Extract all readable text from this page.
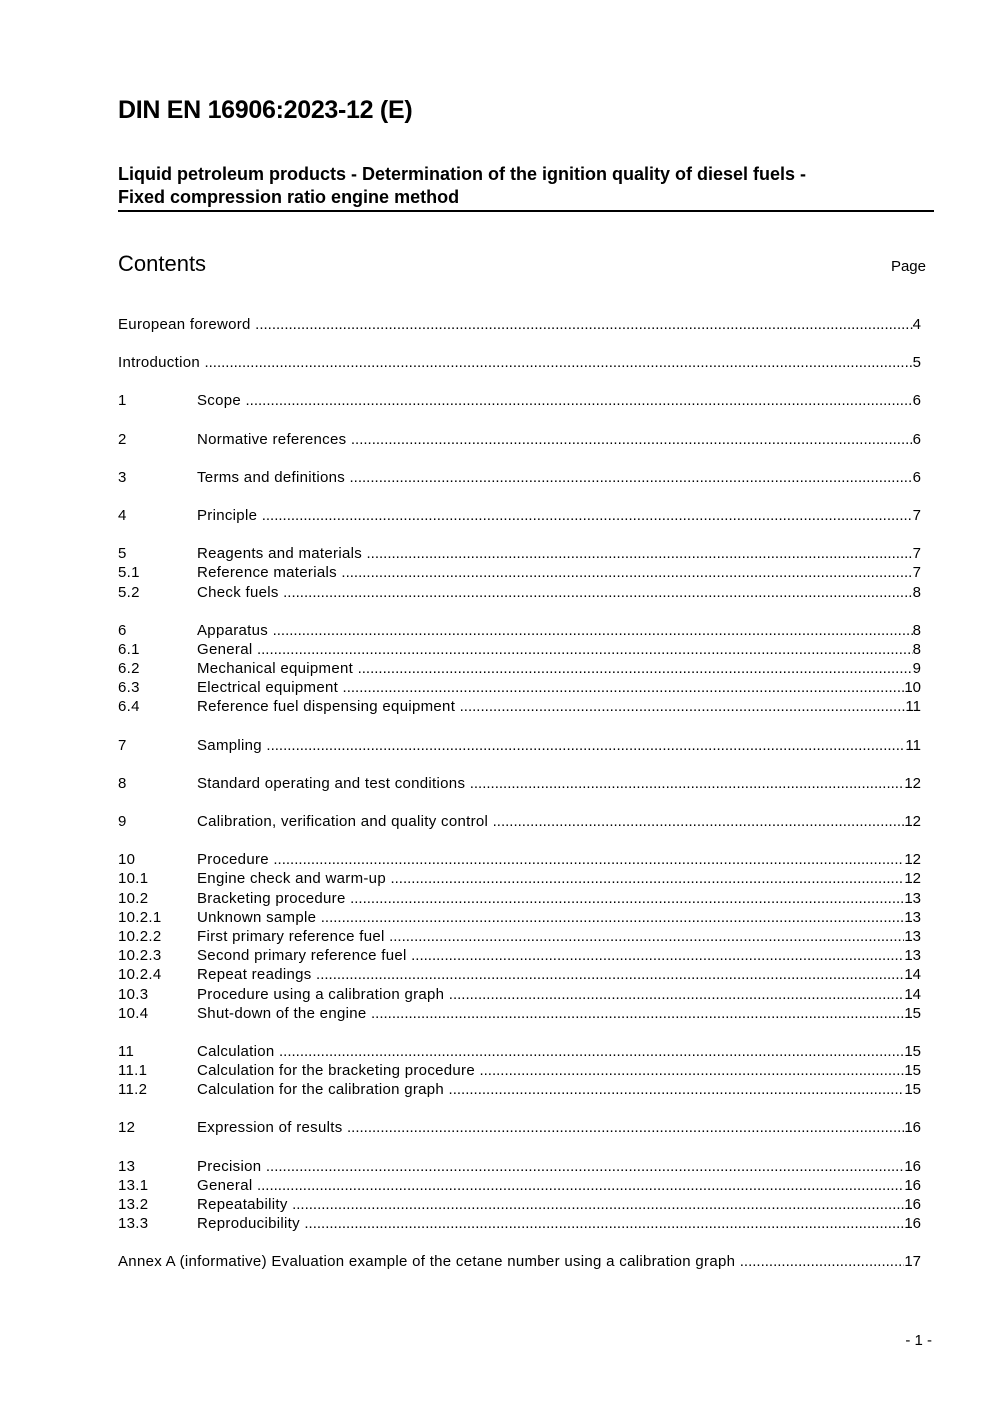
DIN EN 16906:2023-12 (E)
Liquid petroleum products - Determination of the ignition quality of diesel fuels -
Fixed compression ratio engine method
Contents	Page
European foreword .....	4
Introduction .....	5
1	Scope .....	6
2	Normative references .....	6
3	Terms and definitions .....	6
4	Principle .....	7
5	Reagents and materials .....	7
5.1	Reference materials .....	7
5.2	Check fuels .....	8
6	Apparatus .....	8
6.1	General .....	8
6.2	Mechanical equipment .....	9
6.3	Electrical equipment .....	10
6.4	Reference fuel dispensing equipment .....	11
7	Sampling .....	11
8	Standard operating and test conditions .....	12
9	Calibration, verification and quality control .....	12
10	Procedure .....	12
10.1	Engine check and warm-up .....	12
10.2	Bracketing procedure .....	13
10.2.1	Unknown sample .....	13
10.2.2	First primary reference fuel .....	13
10.2.3	Second primary reference fuel .....	13
10.2.4	Repeat readings .....	14
10.3	Procedure using a calibration graph .....	14
10.4	Shut-down of the engine .....	15
11	Calculation .....	15
11.1	Calculation for the bracketing procedure .....	15
11.2	Calculation for the calibration graph .....	15
12	Expression of results .....	16
13	Precision .....	16
13.1	General .....	16
13.2	Repeatability .....	16
13.3	Reproducibility .....	16
Annex A (informative) Evaluation example of the cetane number using a calibration graph .....	17
- 1 -
